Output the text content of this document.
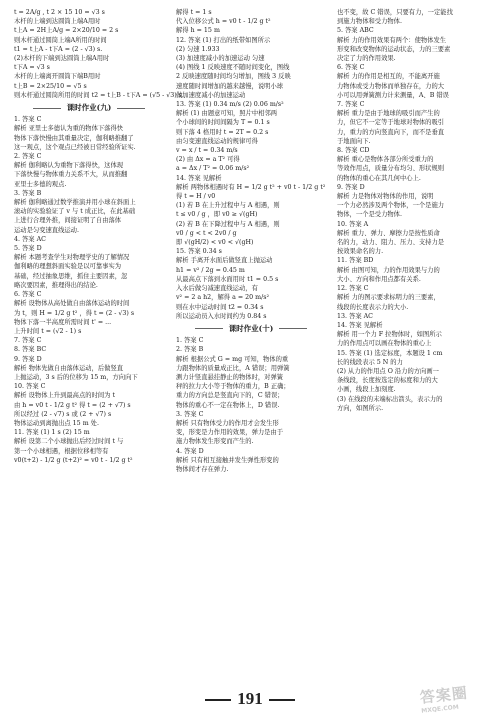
t = 2A/g , t 2 × 15 10 = √3 s
木杆的上端到达圆筒上端A用时
t上A = 2H上A/g = 2×20/10 = 2 s
则木杆通过圆筒上端A所用的时间
t1 = t上A - t下A = (2 - √3) s.
(2)木杆的下端到达圆筒上端A用时
t下A = √3 s
木杆的上端离开圆筒下端B用时
t上B = 2×25/10 = √5 s
则木杆通过圆筒所用的时间 t2 = t上B - t下A = (√5 - √3) s.
课时作业(九)
1. 答案 C
解析 亚里士多德认为重的物体下落得快
物体下落快慢由其重量决定，伽利略推翻了
这一观点，这个观点已经被日常经验所证实.
2. 答案 C
解析 伽利略认为重物下落得快，这体现
下落快慢与物体重力关系不大，从而推翻
亚里士多德的观点.
3. 答案 B
解析 伽利略通过数学推演并用小球在斜面上
滚动的实验验证了 v 与 t 成正比，在此基础
上进行合理外推，间接证明了自由落体
运动是匀变速直线运动.
4. 答案 AC
5. 答案 D
解析 本题考查学生对物理学史的了解情况
伽利略的理想斜面实验是以可靠事实为
基础，经过抽象思维，抓住主要因素，忽
略次要因素，推理得出的结论.
6. 答案 C
解析 设物体从高处做自由落体运动的时间
为 t，则 H = 1/2 g t² ，得 t = (2 - √3) s
物体下落一半高度所需时间 t' = ...
上升时间 t = (√2 - 1) s
7. 答案 C
8. 答案 BC
9. 答案 D
解析 物体先做自由落体运动，后做竖直
上抛运动，3 s 后的位移为 15 m，方向向下
10. 答案 C
解析 设物体上升到最高点的时间为 t
由 h = v0 t - 1/2 g t² 得 t = (2 + √7) s
所以经过 (2 - √7) s 或 (2 + √7) s
物体运动到离抛出点 15 m 处.
11. 答案 (1) 1 s (2) 15 m
解析 设第二个小球抛出后经过时间 t 与
第一个小球相遇，根据位移相等有
v0(t+2) - 1/2 g (t+2)² = v0 t - 1/2 g t²
解得 t = 1 s
代入位移公式 h = v0 t - 1/2 g t²
解得 h = 15 m
12. 答案 (1) 打出的纸带如图所示
(2) 匀速 1.933
(3) 加速度减小的加速运动 匀速
(4) 图线 1 反映速度不随时间变化，图线
2 反映速度随时间均匀增加，图线 3 反映
速度随时间增加的越来越慢，说明小球
做加速度减小的加速运动
13. 答案 (1) 0.34 m/s (2) 0.06 m/s²
解析 (1) 由题意可知，照片中相邻两
个小球间的时间间隔为 T = 0.1 s
则下落 4 格用时 t = 2T = 0.2 s
由匀变速直线运动的规律可得
v = x / t = 0.34 m/s
(2) 由 Δx = a T² 可得
a = Δx / T² = 0.06 m/s²
14. 答案 见解析
解析 两物体相遇时有 H = 1/2 g t² + v0 t - 1/2 g t²
得 t = H / v0
(1) 若 B 在上升过程中与 A 相遇，则
t ≤ v0 / g ，即 v0 ≥ √(gH)
(2) 若 B 在下降过程中与 A 相遇，则
v0 / g < t < 2v0 / g
即 √(gH/2) < v0 < √(gH)
15. 答案 0.34 s
解析 手离开水面后做竖直上抛运动
h1 = v² / 2g = 0.45 m
从最高点下落到水面用时 t1 = 0.5 s
入水后做匀减速直线运动，有
v² = 2 a h2，解得 a = 20 m/s²
则在水中运动时间 t2 = 0.34 s
所以运动员入水时间约为 0.84 s
课时作业(十)
1. 答案 C
2. 答案 B
解析 根据公式 G = mg 可知，物体的重
力跟物体的质量成正比，A 错误；用弹簧
测力计竖直悬挂静止的物体时，对弹簧
秤的拉力大小等于物体的重力，B 正确；
重力的方向总是竖直向下的，C 错误；
物体的重心不一定在物体上，D 错误.
3. 答案 C
解析 只有物体受力的作用才会发生形
变，形变是力作用的效果，弹力是由于
施力物体发生形变而产生的.
4. 答案 D
解析 只有相互接触并发生弹性形变的
物体间才存在弹力.
也不变，故 C 错误，只要有力，一定能找
到施力物体和受力物体.
5. 答案 ABC
解析 力的作用效果有两个：使物体发生
形变和改变物体的运动状态，力的三要素
决定了力的作用效果.
6. 答案 C
解析 力的作用是相互的，不能离开施
力物体或受力物体而单独存在，力的大
小可以用弹簧测力计来测量，A、B 错误
7. 答案 C
解析 重力是由于地球的吸引而产生的
力，但它不一定等于地球对物体的吸引
力，重力的方向竖直向下，而不是垂直
于地面向下.
8. 答案 CD
解析 重心是物体各部分所受重力的
等效作用点，质量分布均匀、形状规则
的物体的重心在其几何中心上.
9. 答案 D
解析 力是物体对物体的作用，说明
一个力必然涉及两个物体，一个是施力
物体，一个是受力物体.
10. 答案 A
解析 重力、弹力、摩擦力是按性质命
名的力，动力、阻力、压力、支持力是
按效果命名的力.
11. 答案 BD
解析 由图可知，力的作用效果与力的
大小、方向和作用点都有关系.
12. 答案 C
解析 力的图示要求标明力的三要素，
线段的长度表示力的大小.
13. 答案 AC
14. 答案 见解析
解析 用一个力 F 拉物体时，如图所示
力的作用点可以画在物体的重心上
15. 答案 (1) 选定标度，本题设 1 cm
长的线段表示 5 N 的力
(2) 从力的作用点 O 沿力的方向画一
条线段，长度按选定的标度和力的大
小画，线段上加刻度.
(3) 在线段的末端标出箭头，表示力的
方向，如图所示.
191	答案圈
MXQE.COM
